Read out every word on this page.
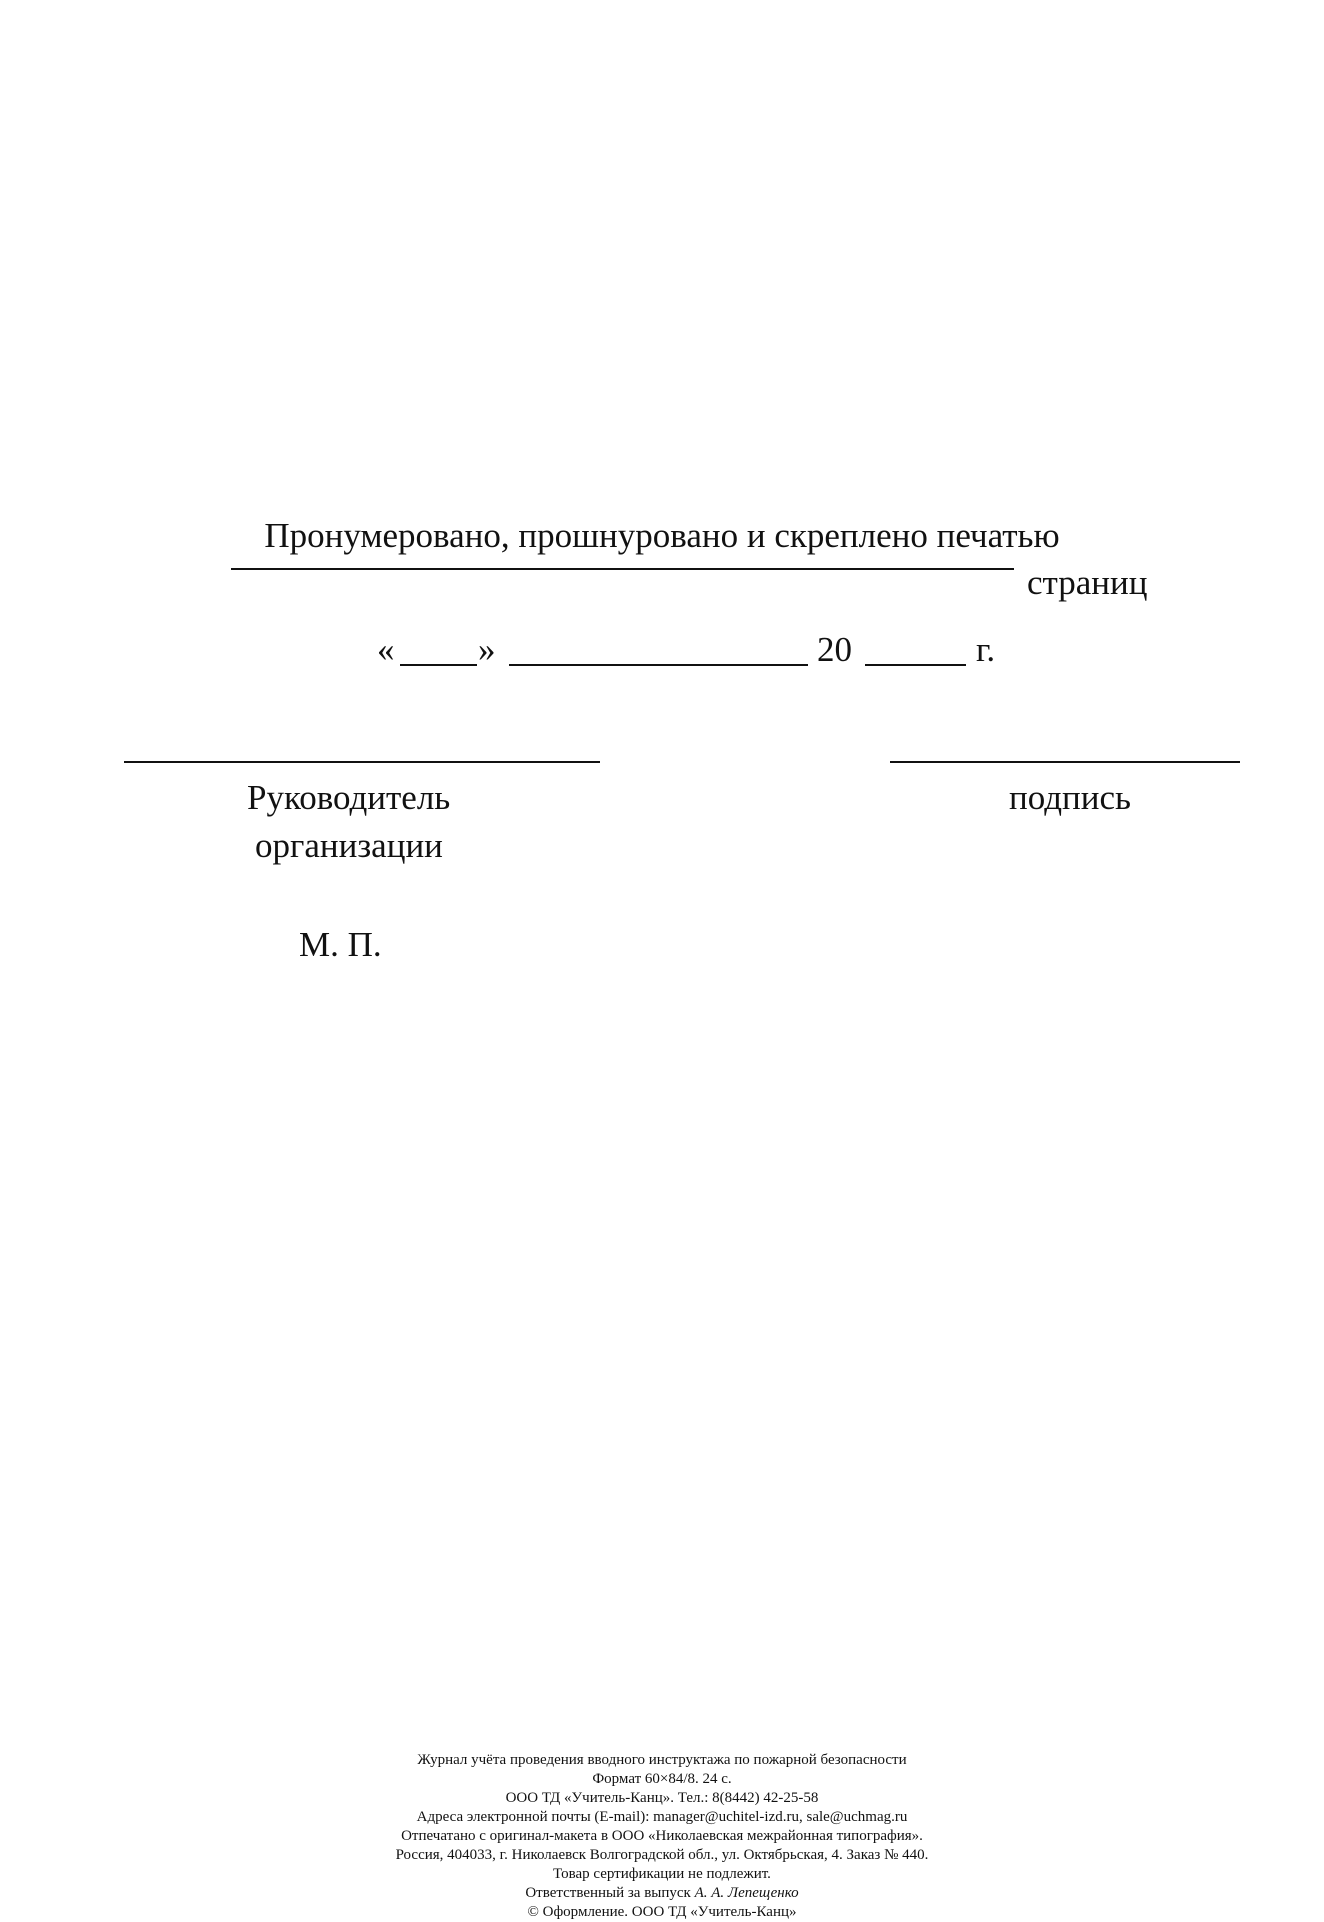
Пронумеровано, прошнуровано и скреплено печатью
страниц
« »	20	г.
Руководитель
организации
подпись
М. П.
Журнал учёта проведения вводного инструктажа по пожарной безопасности
Формат 60×84/8. 24 с.
ООО ТД «Учитель-Канц». Тел.: 8(8442) 42-25-58
Адреса электронной почты (E-mail): manager@uchitel-izd.ru, sale@uchmag.ru
Отпечатано с оригинал-макета в ООО «Николаевская межрайонная типография».
Россия, 404033, г. Николаевск Волгоградской обл., ул. Октябрьская, 4. Заказ № 440.
Товар сертификации не подлежит.
Ответственный за выпуск А. А. Лепещенко
© Оформление. ООО ТД «Учитель-Канц»
